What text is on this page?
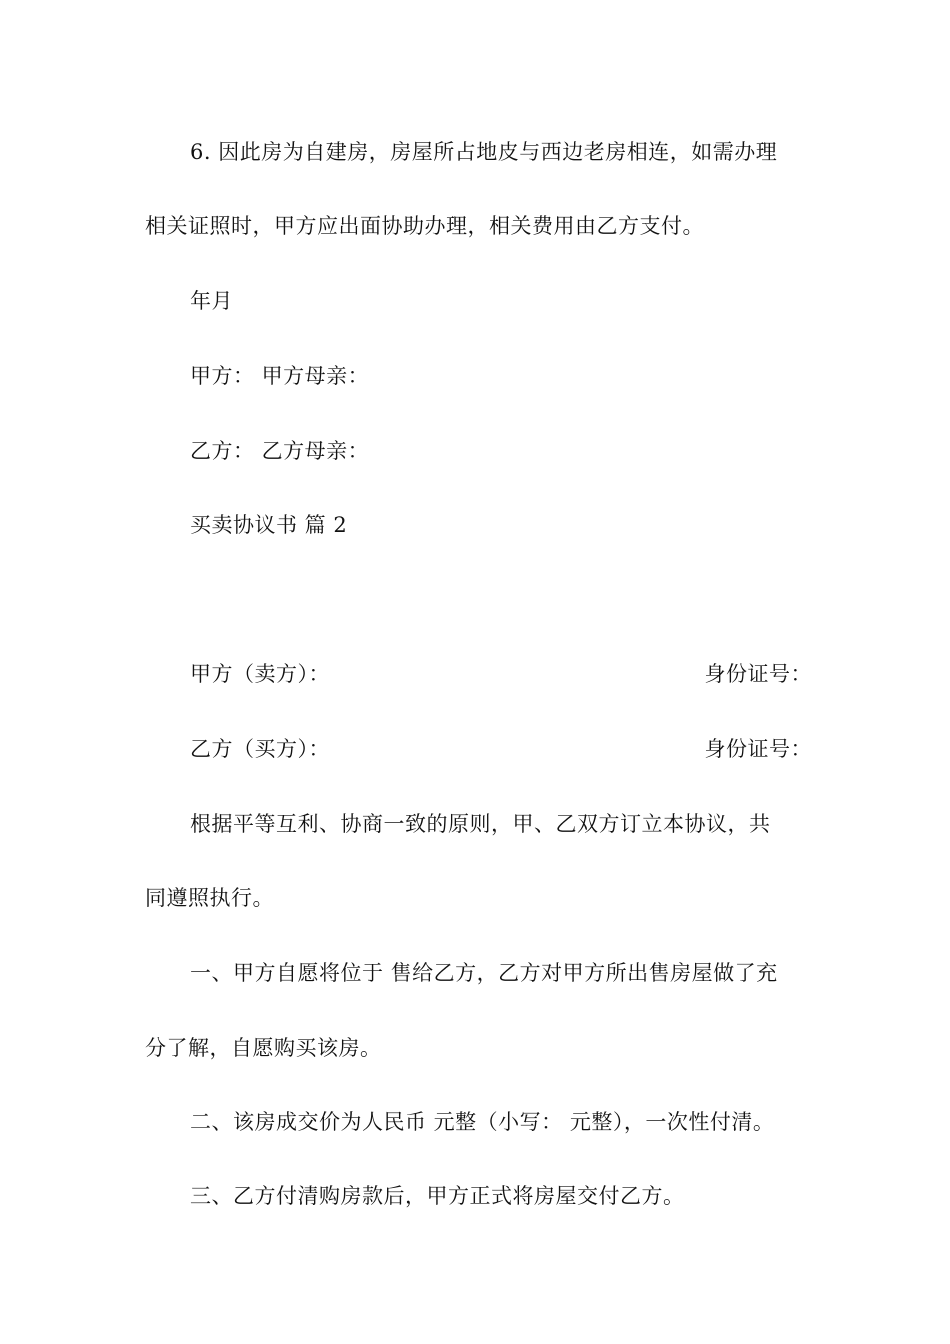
6. 因此房为自建房，房屋所占地皮与西边老房相连，如需办理
相关证照时，甲方应出面协助办理，相关费用由乙方支付。
年月
甲方： 甲方母亲：
乙方： 乙方母亲：
买卖协议书 篇 2
甲方（卖方）：	身份证号：
乙方（买方）：	身份证号：
根据平等互利、协商一致的原则，甲、乙双方订立本协议，共
同遵照执行。
一、甲方自愿将位于 售给乙方，乙方对甲方所出售房屋做了充
分了解，自愿购买该房。
二、该房成交价为人民币 元整（小写： 元整），一次性付清。
三、乙方付清购房款后，甲方正式将房屋交付乙方。
